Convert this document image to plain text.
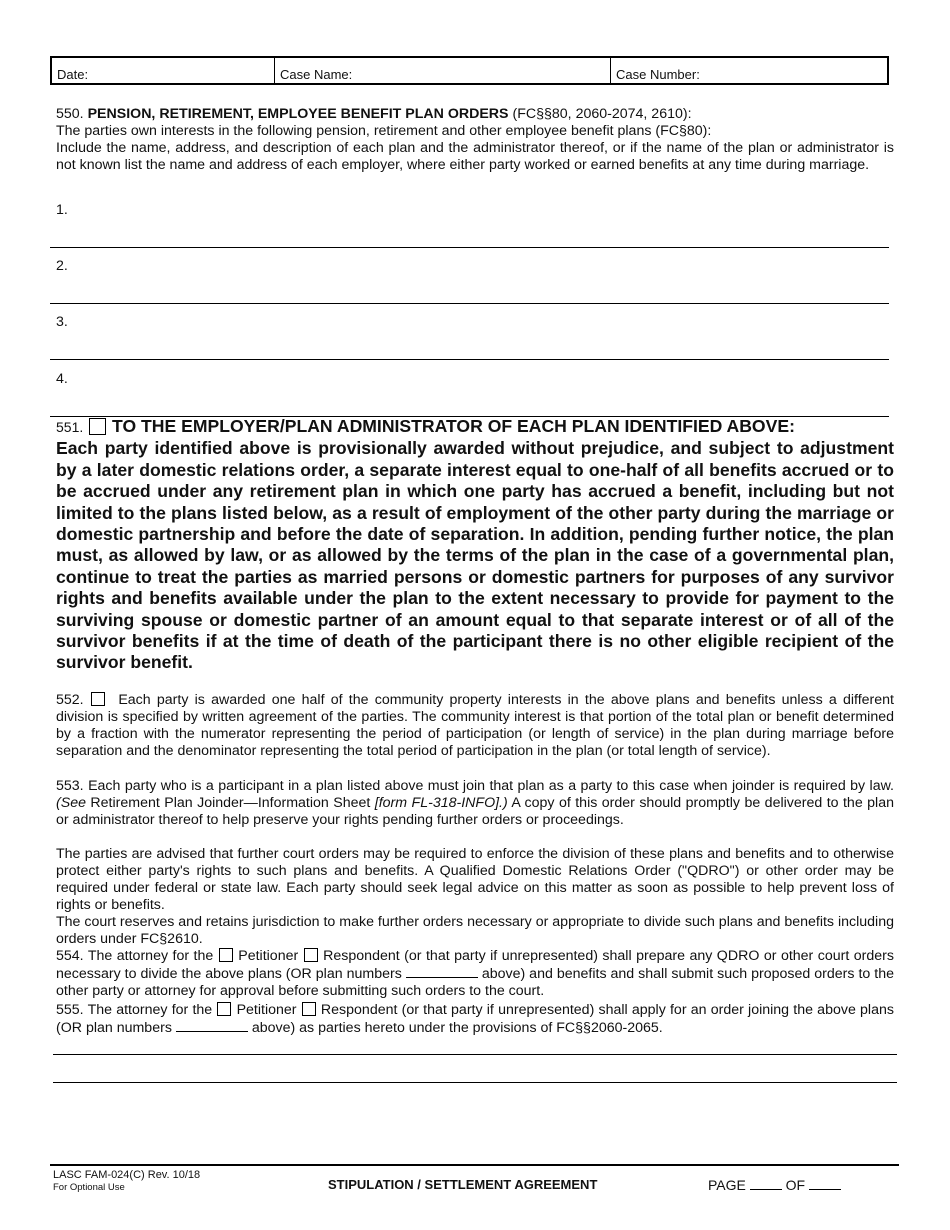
Date:	Case Name:	Case Number:
550. PENSION, RETIREMENT, EMPLOYEE BENEFIT PLAN ORDERS (FC§§80, 2060-2074, 2610):
The parties own interests in the following pension, retirement and other employee benefit plans (FC§80):
Include the name, address, and description of each plan and the administrator thereof, or if the name of the plan or administrator is not known list the name and address of each employer, where either party worked or earned benefits at any time during marriage.
1.
2.
3.
4.
551. TO THE EMPLOYER/PLAN ADMINISTRATOR OF EACH PLAN IDENTIFIED ABOVE:
Each party identified above is provisionally awarded without prejudice, and subject to adjustment by a later domestic relations order, a separate interest equal to one-half of all benefits accrued or to be accrued under any retirement plan in which one party has accrued a benefit, including but not limited to the plans listed below, as a result of employment of the other party during the marriage or domestic partnership and before the date of separation. In addition, pending further notice, the plan must, as allowed by law, or as allowed by the terms of the plan in the case of a governmental plan, continue to treat the parties as married persons or domestic partners for purposes of any survivor rights and benefits available under the plan to the extent necessary to provide for payment to the surviving spouse or domestic partner of an amount equal to that separate interest or of all of the survivor benefits if at the time of death of the participant there is no other eligible recipient of the survivor benefit.
552. Each party is awarded one half of the community property interests in the above plans and benefits unless a different division is specified by written agreement of the parties. The community interest is that portion of the total plan or benefit determined by a fraction with the numerator representing the period of participation (or length of service) in the plan during marriage before separation and the denominator representing the total period of participation in the plan (or total length of service).
553. Each party who is a participant in a plan listed above must join that plan as a party to this case when joinder is required by law. (See Retirement Plan Joinder—Information Sheet [form FL-318-INFO].) A copy of this order should promptly be delivered to the plan or administrator thereof to help preserve your rights pending further orders or proceedings.
The parties are advised that further court orders may be required to enforce the division of these plans and benefits and to otherwise protect either party's rights to such plans and benefits. A Qualified Domestic Relations Order ("QDRO") or other order may be required under federal or state law. Each party should seek legal advice on this matter as soon as possible to help prevent loss of rights or benefits.
The court reserves and retains jurisdiction to make further orders necessary or appropriate to divide such plans and benefits including orders under FC§2610.
554. The attorney for the Petitioner Respondent (or that party if unrepresented) shall prepare any QDRO or other court orders necessary to divide the above plans (OR plan numbers	above) and benefits and shall submit such proposed orders to the other party or attorney for approval before submitting such orders to the court.
555. The attorney for the Petitioner Respondent (or that party if unrepresented) shall apply for an order joining the above plans (OR plan numbers	above) as parties hereto under the provisions of FC§§2060-2065.
LASC FAM-024(C) Rev. 10/18
For Optional Use	STIPULATION / SETTLEMENT AGREEMENT	PAGE	OF
